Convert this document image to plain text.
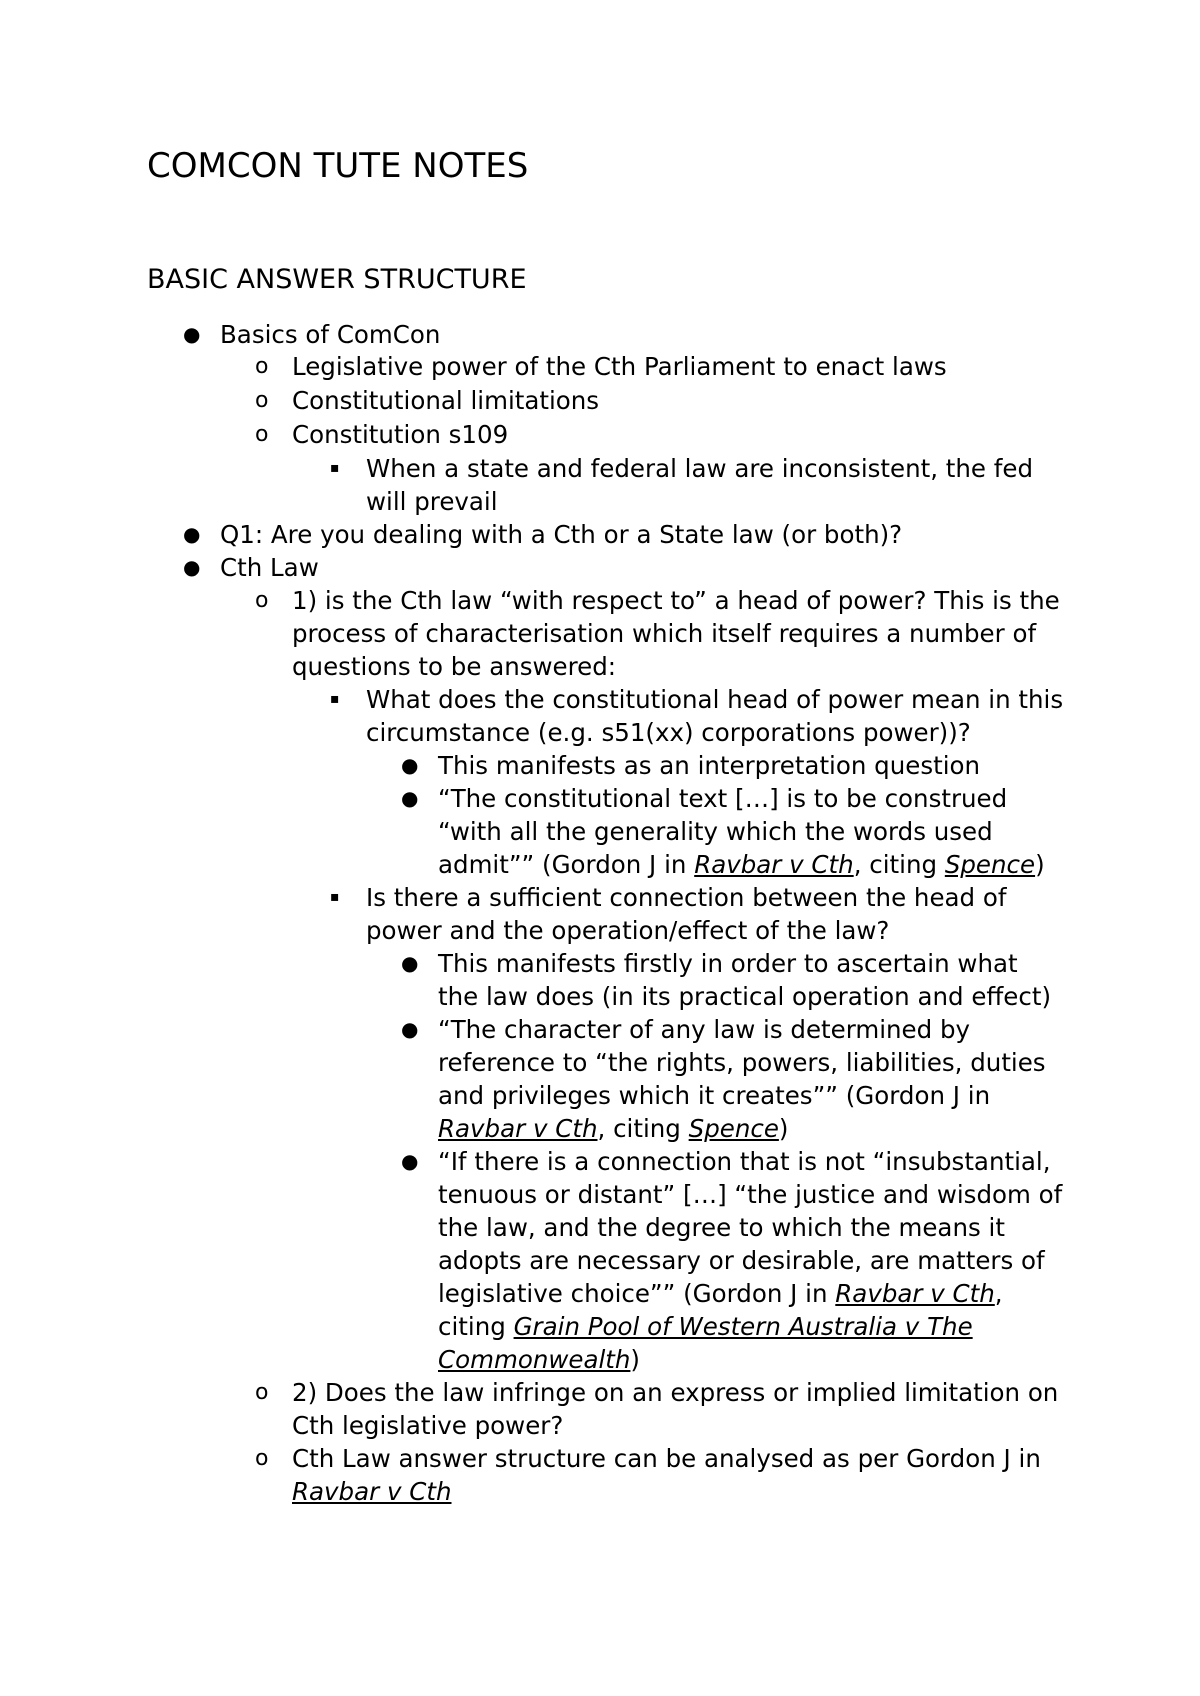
COMCON TUTE NOTES
BASIC ANSWER STRUCTURE
● Basics of ComCon
o Legislative power of the Cth Parliament to enact laws
o Constitutional limitations
o Constitution s109
▪ When a state and federal law are inconsistent, the fed
will prevail
● Q1: Are you dealing with a Cth or a State law (or both)?
● Cth Law
o 1) is the Cth law “with respect to” a head of power? This is the
process of characterisation which itself requires a number of
questions to be answered:
▪ What does the constitutional head of power mean in this
circumstance (e.g. s51(xx) corporations power))?
● This manifests as an interpretation question
● “The constitutional text […] is to be construed
“with all the generality which the words used
admit”” (Gordon J in Ravbar v Cth, citing Spence)
▪ Is there a sufficient connection between the head of
power and the operation/effect of the law?
● This manifests firstly in order to ascertain what
the law does (in its practical operation and effect)
● “The character of any law is determined by
reference to “the rights, powers, liabilities, duties
and privileges which it creates”” (Gordon J in
Ravbar v Cth, citing Spence)
● “If there is a connection that is not “insubstantial,
tenuous or distant” […] “the justice and wisdom of
the law, and the degree to which the means it
adopts are necessary or desirable, are matters of
legislative choice”” (Gordon J in Ravbar v Cth,
citing Grain Pool of Western Australia v The
Commonwealth)
o 2) Does the law infringe on an express or implied limitation on
Cth legislative power?
o Cth Law answer structure can be analysed as per Gordon J in
Ravbar v Cth
